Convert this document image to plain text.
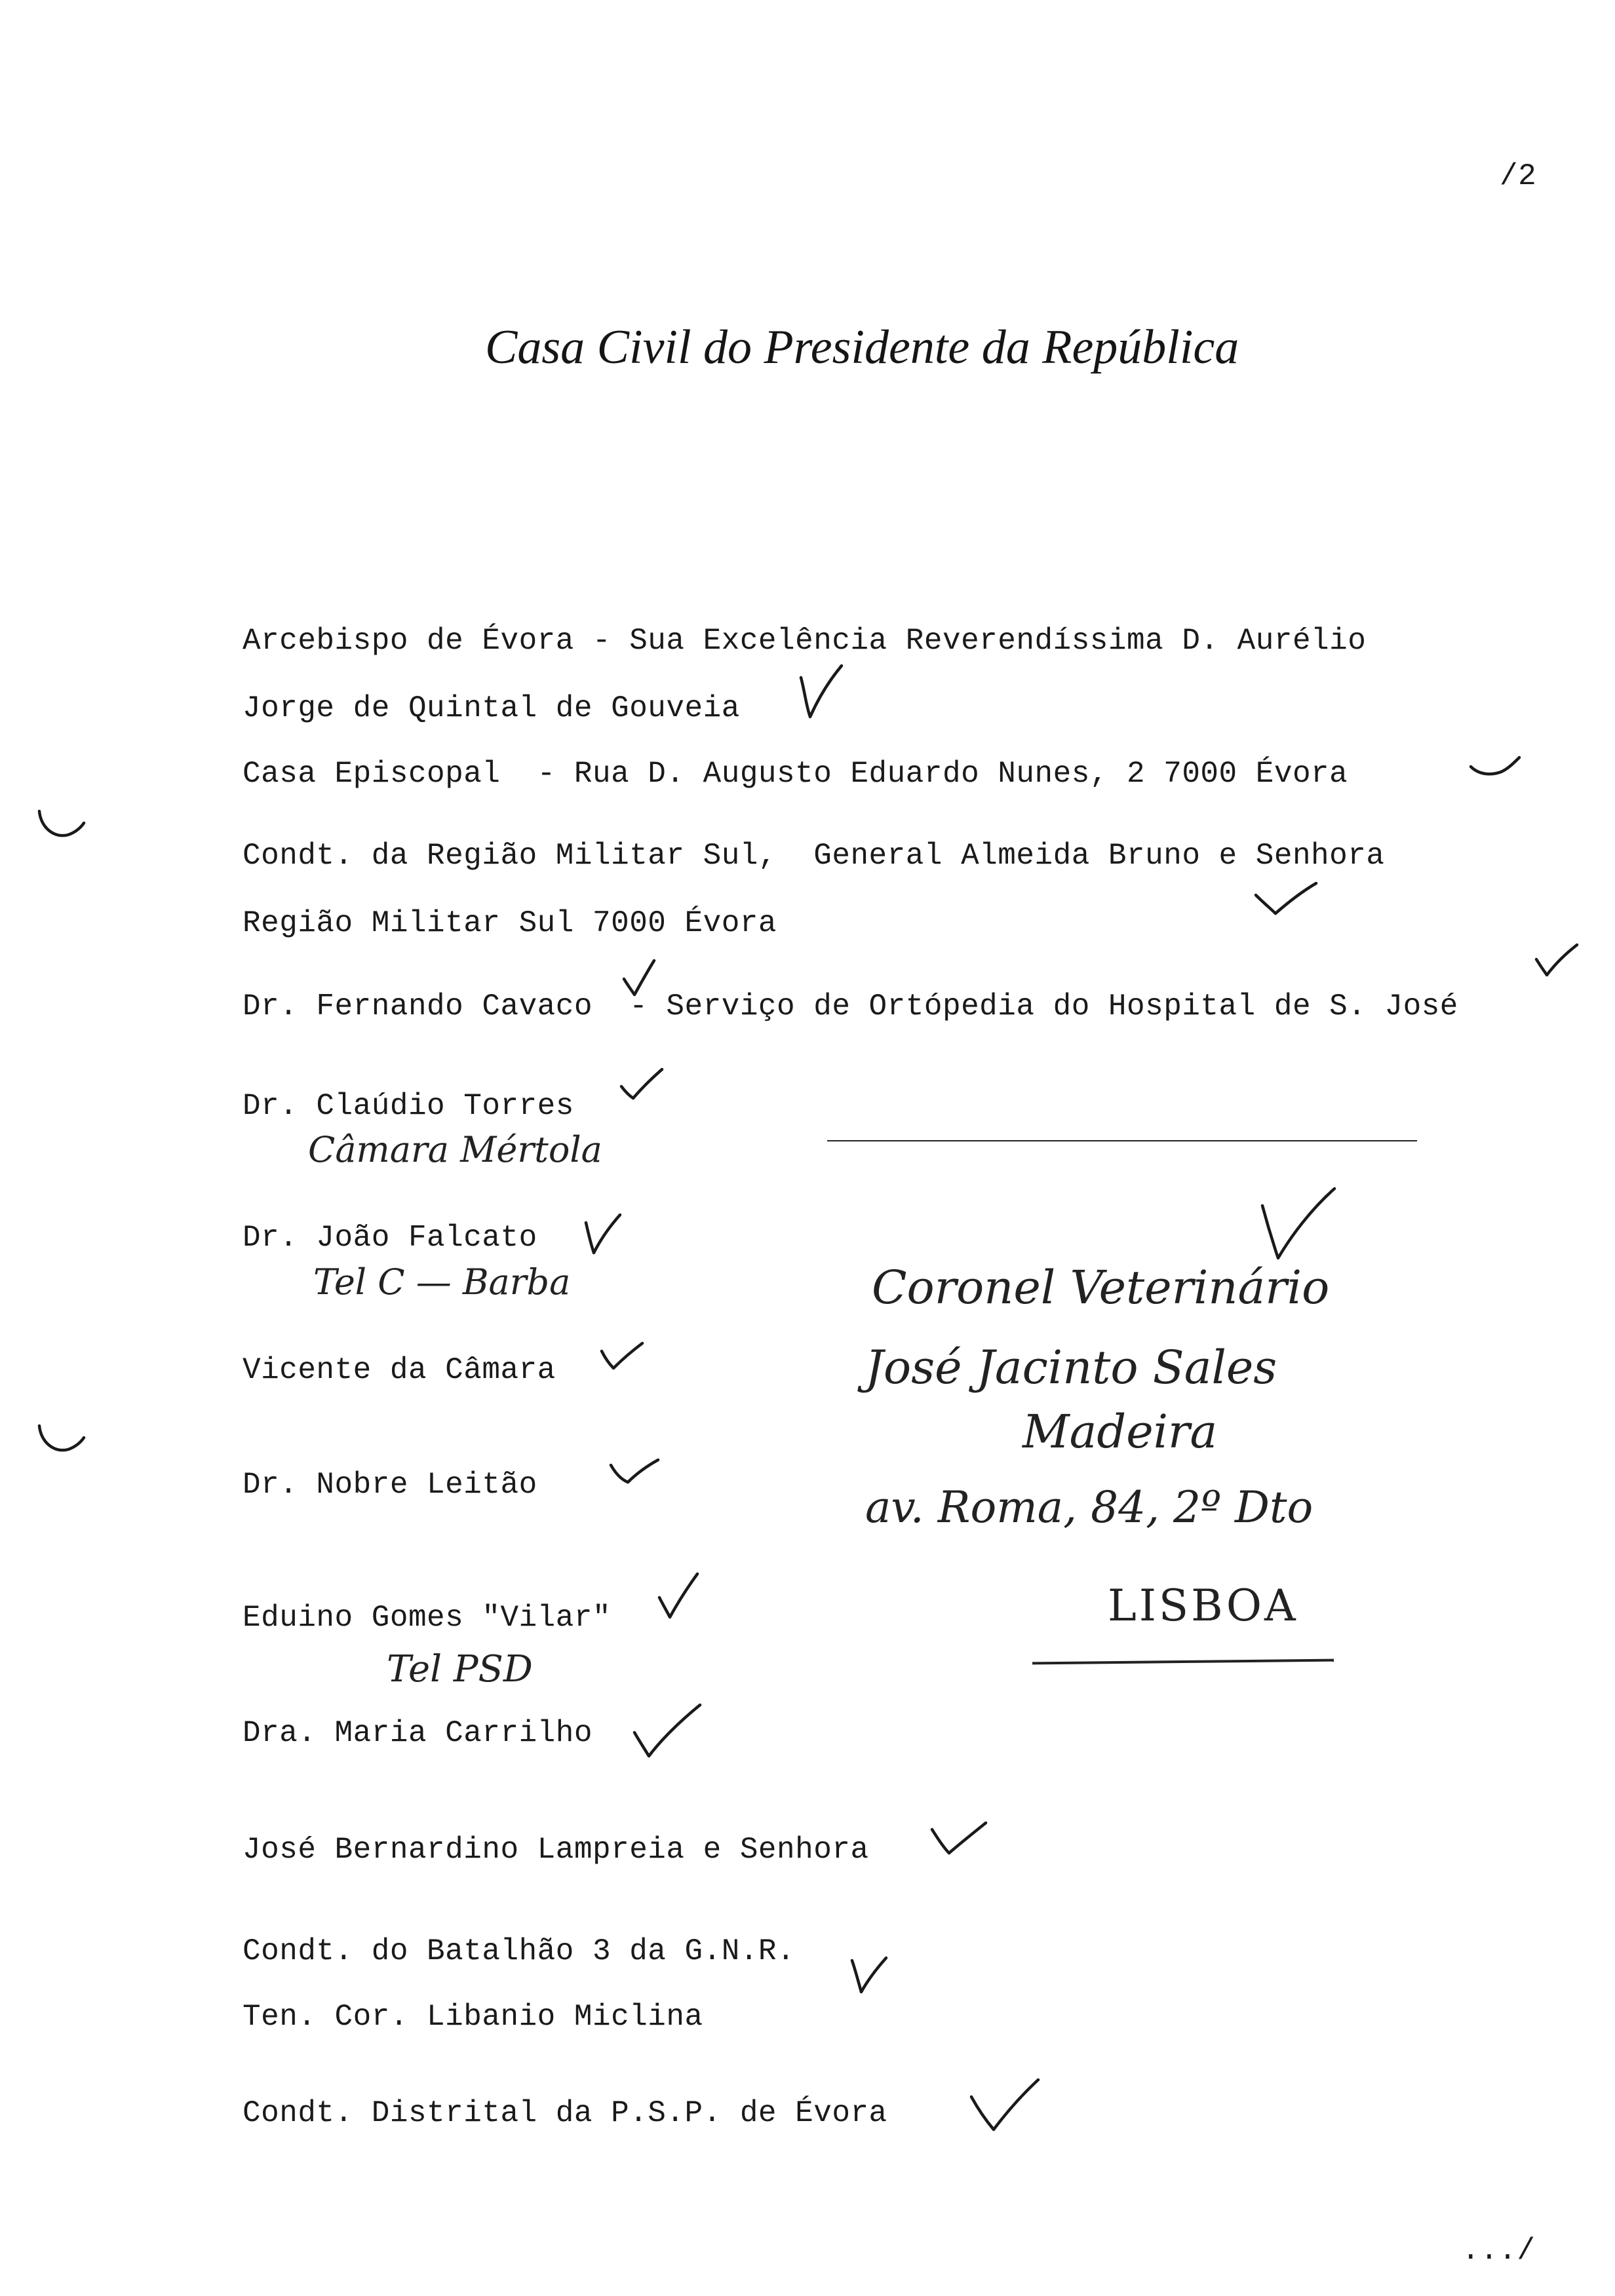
/2
Casa Civil do Presidente da República
Arcebispo de Évora - Sua Excelência Reverendíssima D. Aurélio
Jorge de Quintal de Gouveia
Casa Episcopal  - Rua D. Augusto Eduardo Nunes, 2 7000 Évora
Condt. da Região Militar Sul,  General Almeida Bruno e Senhora
Região Militar Sul 7000 Évora
Dr. Fernando Cavaco  - Serviço de Ortópedia do Hospital de S. José
Dr. Claúdio Torres
Dr. João Falcato
Vicente da Câmara
Dr. Nobre Leitão
Eduino Gomes "Vilar"
Dra. Maria Carrilho
José Bernardino Lampreia e Senhora
Condt. do Batalhão 3 da G.N.R.
Ten. Cor. Libanio Miclina
Condt. Distrital da P.S.P. de Évora
Câmara Mértola
Tel C — Barba
Tel PSD
Coronel Veterinário
José Jacinto Sales
Madeira
av. Roma, 84, 2º Dto
LISBOA
.../
